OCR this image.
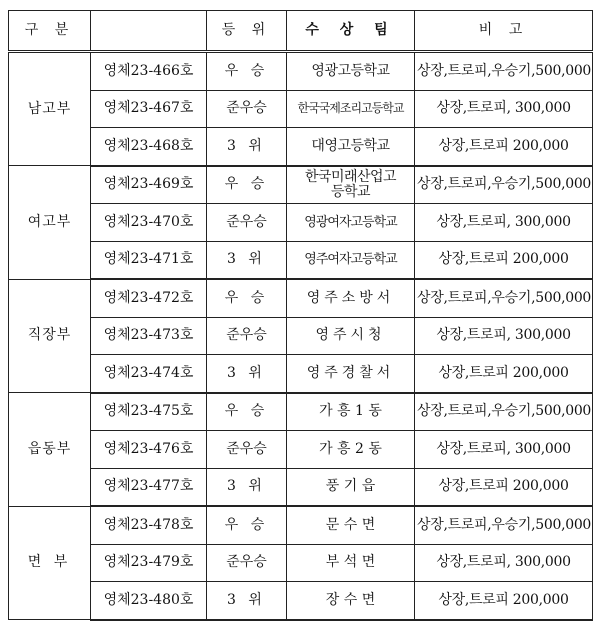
구 분		등 위	수 상 팀	비 고
남고부	영체23-466호	우 승	영광고등학교	상장,트로피,우승기,500,000
	영체23-467호	준우승	한국국제조리고등학교	상장,트로피, 300,000
	영체23-468호	3 위	대영고등학교	상장,트로피 200,000
여고부	영체23-469호	우 승	한국미래산업고등학교	상장,트로피,우승기,500,000
	영체23-470호	준우승	영광여자고등학교	상장,트로피, 300,000
	영체23-471호	3 위	영주여자고등학교	상장,트로피 200,000
직장부	영체23-472호	우 승	영주소방서	상장,트로피,우승기,500,000
	영체23-473호	준우승	영주시청	상장,트로피, 300,000
	영체23-474호	3 위	영주경찰서	상장,트로피 200,000
읍동부	영체23-475호	우 승	가 흥 1 동	상장,트로피,우승기,500,000
	영체23-476호	준우승	가 흥 2 동	상장,트로피, 300,000
	영체23-477호	3 위	풍 기 읍	상장,트로피 200,000
면 부	영체23-478호	우 승	문 수 면	상장,트로피,우승기,500,000
	영체23-479호	준우승	부 석 면	상장,트로피, 300,000
	영체23-480호	3 위	장 수 면	상장,트로피 200,000
